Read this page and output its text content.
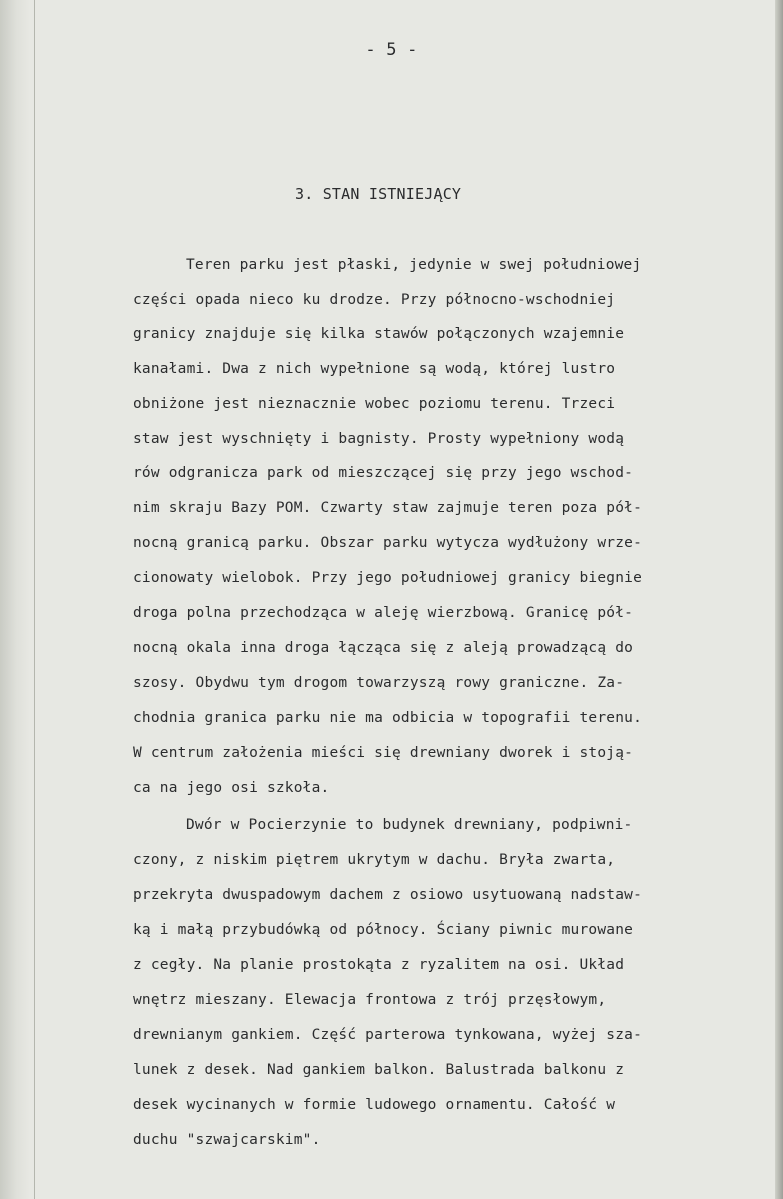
- 5 -
3. STAN ISTNIEJĄCY
Teren parku jest płaski, jedynie w swej południowej
części opada nieco ku drodze. Przy północno-wschodniej
granicy znajduje się kilka stawów połączonych wzajemnie
kanałami. Dwa z nich wypełnione są wodą, której lustro
obniżone jest nieznacznie wobec poziomu terenu. Trzeci
staw jest wyschnięty i bagnisty. Prosty wypełniony wodą
rów odgranicza park od mieszczącej się przy jego wschod-
nim skraju Bazy POM. Czwarty staw zajmuje teren poza pół-
nocną granicą parku. Obszar parku wytycza wydłużony wrze-
cionowaty wielobok. Przy jego południowej granicy biegnie
droga polna przechodząca w aleję wierzbową. Granicę pół-
nocną okala inna droga łącząca się z aleją prowadzącą do
szosy. Obydwu tym drogom towarzyszą rowy graniczne. Za-
chodnia granica parku nie ma odbicia w topografii terenu.
W centrum założenia mieści się drewniany dworek i stoją-
ca na jego osi szkoła.
Dwór w Pocierzynie to budynek drewniany, podpiwni-
czony, z niskim piętrem ukrytym w dachu. Bryła zwarta,
przekryta dwuspadowym dachem z osiowo usytuowaną nadstaw-
ką i małą przybudówką od północy. Ściany piwnic murowane
z cegły. Na planie prostokąta z ryzalitem na osi. Układ
wnętrz mieszany. Elewacja frontowa z trój przęsłowym,
drewnianym gankiem. Część parterowa tynkowana, wyżej sza-
lunek z desek. Nad gankiem balkon. Balustrada balkonu z
desek wycinanych w formie ludowego ornamentu. Całość w
duchu "szwajcarskim".
